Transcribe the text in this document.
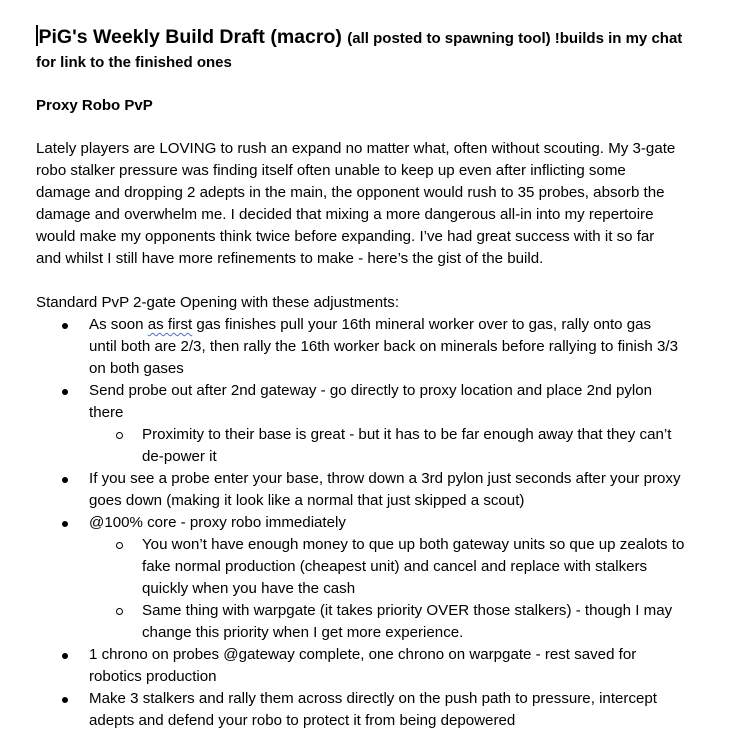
PiG's Weekly Build Draft (macro) (all posted to spawning tool) !builds in my chat

for link to the finished ones

Proxy Robo PvP

Lately players are LOVING to rush an expand no matter what, often without scouting. My 3-gate
robo stalker pressure was finding itself often unable to keep up even after inflicting some
damage and dropping 2 adepts in the main, the opponent would rush to 35 probes, absorb the
damage and overwhelm me. I decided that mixing a more dangerous all-in into my repertoire
would make my opponents think twice before expanding. I’ve had great success with it so far
and whilst I still have more refinements to make - here’s the gist of the build.

Standard PvP 2-gate Opening with these adjustments:

As soon as first gas finishes pull your 16th mineral worker over to gas, rally onto gas
until both are 2/3, then rally the 16th worker back on minerals before rallying to finish 3/3
on both gases
Send probe out after 2nd gateway - go directly to proxy location and place 2nd pylon
there
Proximity to their base is great - but it has to be far enough away that they can’t
de-power it
If you see a probe enter your base, throw down a 3rd pylon just seconds after your proxy
goes down (making it look like a normal that just skipped a scout)
@100% core - proxy robo immediately
You won’t have enough money to que up both gateway units so que up zealots to
fake normal production (cheapest unit) and cancel and replace with stalkers
quickly when you have the cash
Same thing with warpgate (it takes priority OVER those stalkers) - though I may
change this priority when I get more experience.
1 chrono on probes @gateway complete, one chrono on warpgate - rest saved for
robotics production
Make 3 stalkers and rally them across directly on the push path to pressure, intercept
adepts and defend your robo to protect it from being depowered
